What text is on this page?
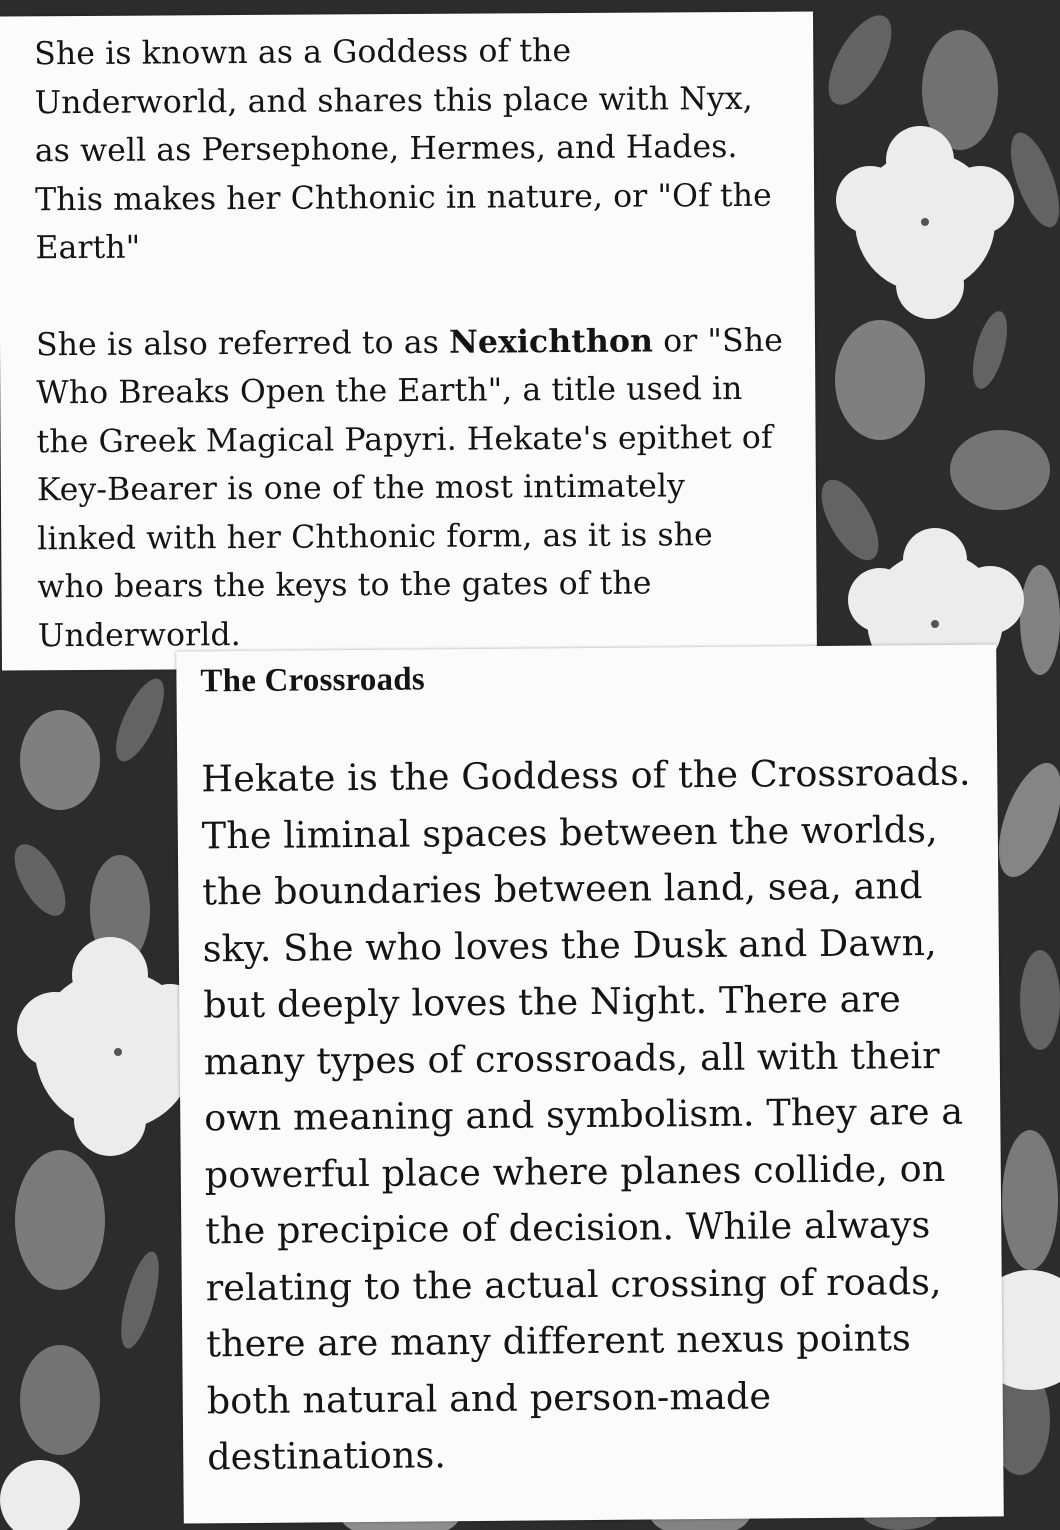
She is known as a Goddess of the Underworld, and shares this place with Nyx, as well as Persephone, Hermes, and Hades. This makes her Chthonic in nature, or "Of the Earth"

She is also referred to as Nexichthon or "She Who Breaks Open the Earth", a title used in the Greek Magical Papyri. Hekate's epithet of Key-Bearer is one of the most intimately linked with her Chthonic form, as it is she who bears the keys to the gates of the Underworld.

The Crossroads

Hekate is the Goddess of the Crossroads. The liminal spaces between the worlds, the boundaries between land, sea, and sky. She who loves the Dusk and Dawn, but deeply loves the Night. There are many types of crossroads, all with their own meaning and symbolism. They are a powerful place where planes collide, on the precipice of decision. While always relating to the actual crossing of roads, there are many different nexus points both natural and person-made destinations.
